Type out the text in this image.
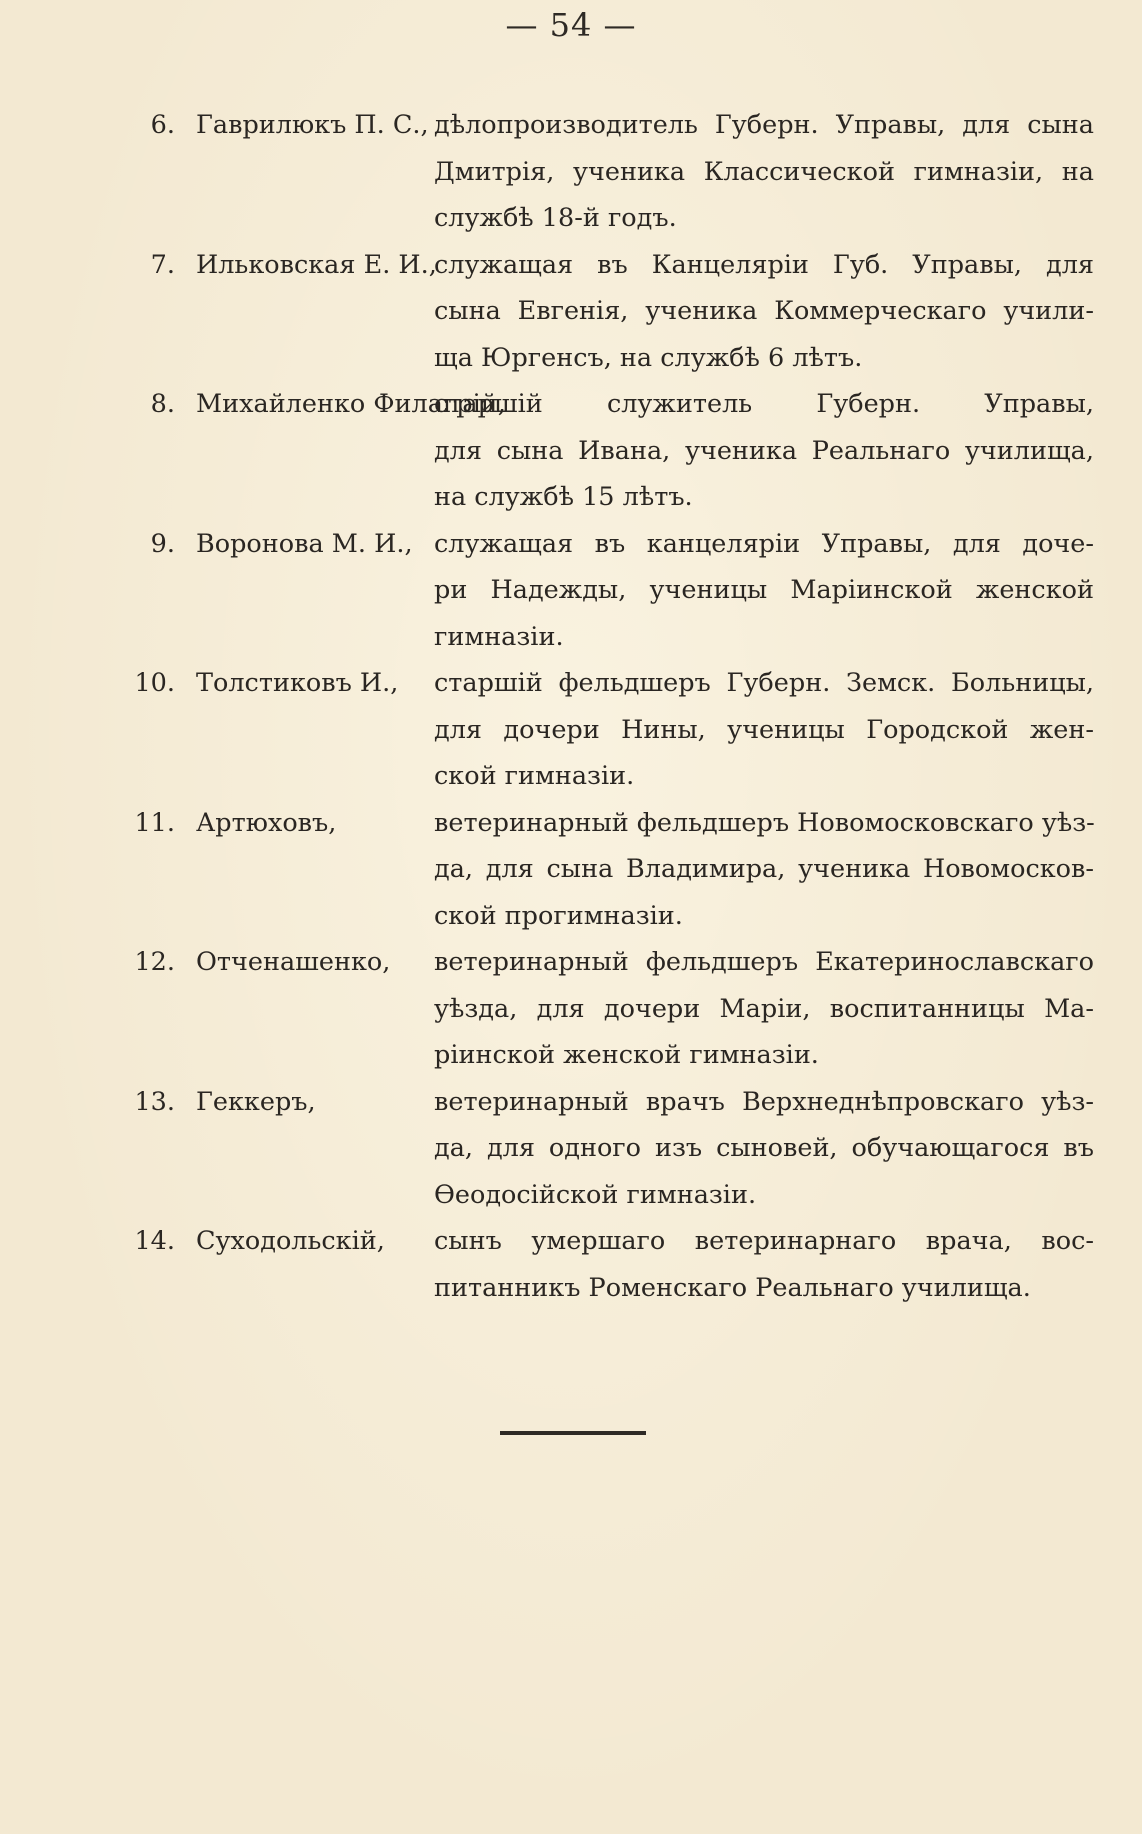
— 54 —
6. Гаврилюкъ П. С., дѣлопроизводитель Губерн. Управы, для сына
Дмитрія, ученика Классической гимназіи, на
службѣ 18-й годъ.
7. Ильковская Е. И.,
служащая въ Канцеляріи Губ. Управы, для
сына Евгенія, ученика Коммерческаго учили-
ща Юргенсъ, на службѣ 6 лѣтъ.
8. Михайленко Филагрій,
старшій служитель Губерн. Управы,
для сына Ивана, ученика Реальнаго училища,
на службѣ 15 лѣтъ.
9. Воронова М. И., служащая въ канцеляріи Управы, для доче-
ри Надежды, ученицы Маріинской женской
гимназіи.
10. Толстиковъ И., старшій фельдшеръ Губерн. Земск. Больницы,
для дочери Нины, ученицы Городской жен-
ской гимназіи.
11. Артюховъ,	ветеринарный фельдшеръ Новомосковскаго уѣз-
да, для сына Владимира, ученика Новомосков-
ской прогимназіи.
12. Отченашенко, ветеринарный фельдшеръ Екатеринославскаго
уѣзда, для дочери Маріи, воспитанницы Ма-
ріинской женской гимназіи.
13. Геккеръ,	ветеринарный врачъ Верхнеднѣпровскаго уѣз-
да, для одного изъ сыновей, обучающагося въ
Ѳеодосійской гимназіи.
14. Суходольскій, сынъ умершаго ветеринарнаго врача, вос-
питанникъ Роменскаго Реальнаго училища.
